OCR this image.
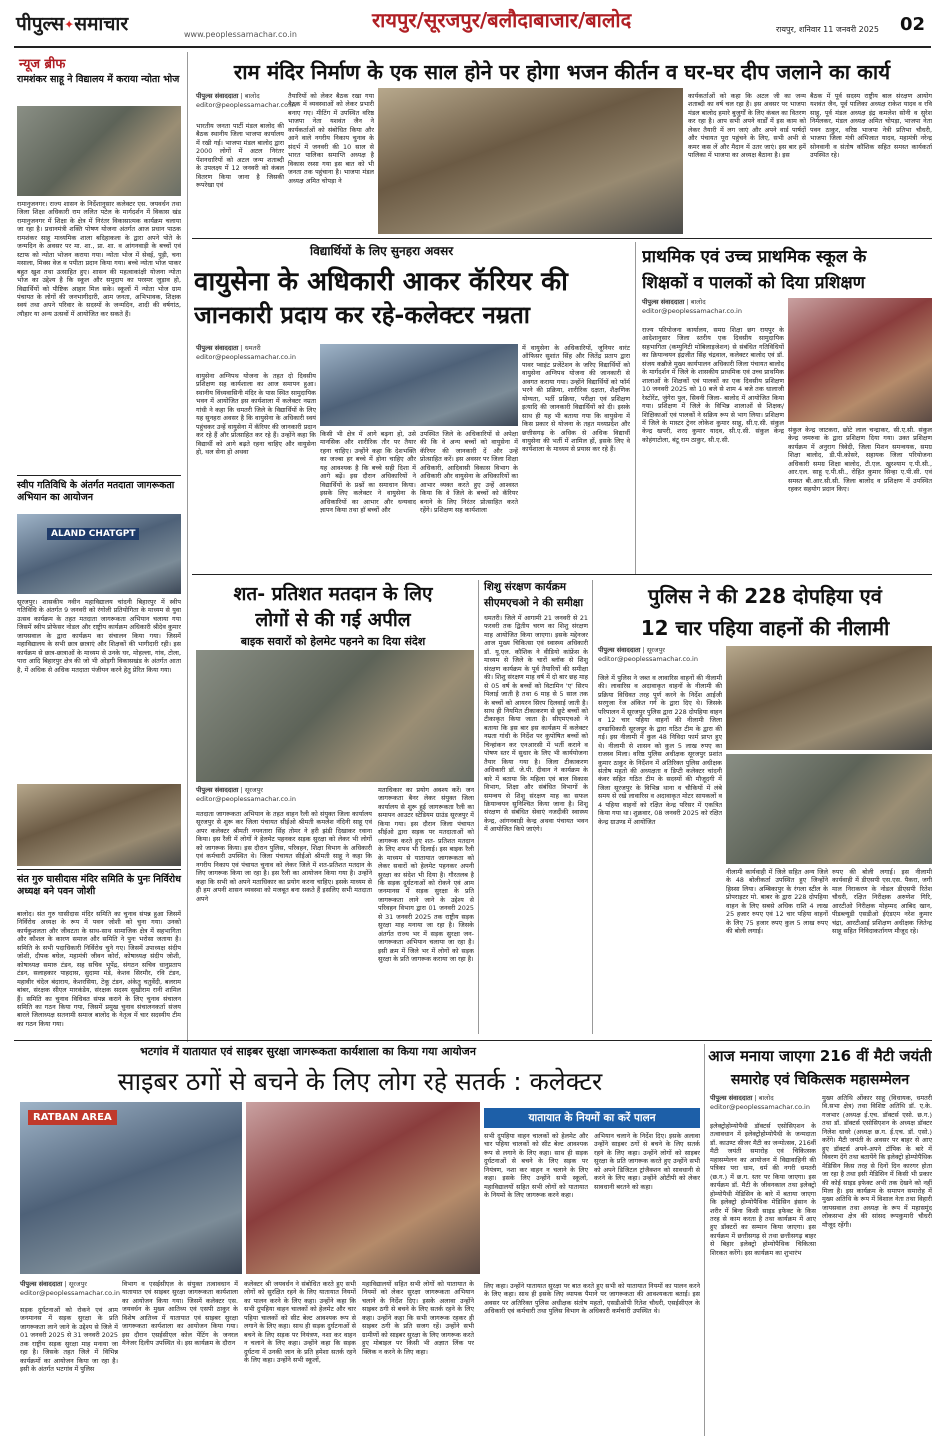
पीपुल्स✦समाचार	www.peoplessamachar.co.in
रायपुर/सूरजपुर/बलौदाबाजार/बालोद	रायपुर, शनिवार 11 जनवरी 2025 02
न्यूज ब्रीफ
रामशंकर साहू ने विद्यालय में कराया न्योता भोज
रामानुजनगर। राज्य शासन के निर्देशानुसार कलेक्टर एस. जयवर्धन तथा जिला शिक्षा अधिकारी राम ललित पटेल के मार्गदर्शन में विकास खंड रामानुजनगर में शिक्षा के क्षेत्र में निरंतर विकासात्मक कार्यक्रम चलाया जा रहा है। प्रधानमंत्री शक्ति पोषण योजना अंतर्गत आज प्रधान पाठक रामशंकर साहू माध्यमिक शाला बदिहाकला के द्वारा अपने पोते के जन्मदिन के अवसर पर मा. शा., प्रा. शा. व आंगनवाड़ी के बच्चों एवं स्टाफ को न्योता भोजन कराया गया। न्योता भोज में सेवई, पूड़ी, चना मसाला, मिक्स वेज व पपीता प्रदान किया गया। बच्चे न्योता भोज पाकर बहुत खुश तथा उत्साहित हुए। शासन की महत्वाकांक्षी योजना न्योता भोज का उद्देश्य है कि स्कूल और समुदाय का परस्पर जुड़ाव हो, विद्यार्थियों को पौष्टिक आहार मिल सके। स्कूलों में न्योता भोज ग्राम पंचायत के लोगों की जनभागीदारी, आम जनता, अभिभावक, शिक्षक स्वयं तथा अपने परिवार के सदस्यों के जन्मदिन, शादी की वर्षगांठ, त्यौहार या अन्य उत्सवों में आयोजित कर सकते हैं।
स्वीप गतिविधि के अंतर्गत मतदाता जागरूकता अभियान का आयोजन
ALAND CHATGPT
सूरजपुर। शासकीय नवीन महाविद्यालय चांदनी बिहारपुर में स्वीप गतिविधि के अंतर्गत 9 जनवरी को रंगोली प्रतियोगिता के माध्यम से युवा उत्सव कार्यक्रम के तहत मतदाता जागरूकता अभियान चलाया गया जिसमें स्वीप प्रोफेसर नोडल और राष्ट्रीय कार्यक्रम अधिकारी श्रीदेव कुमार जायसवाल के द्वारा कार्यक्रम का संचालन किया गया। जिसमें महाविद्यालय के सभी छात्र छात्राएं और शिक्षकों की भागीदारी रही। इस कार्यक्रम से छात्र-छात्राओं के माध्यम से उनके घर, मोहल्ला, गांव, टोला, पारा आदि बिहारपुर क्षेत्र की जो भी ओड़गी विकासखंड के अंतर्गत आता है, में अधिक से अधिक मतदाता पंजीयन करने हेतु प्रेरित किया गया।
संत गुरु घासीदास मंदिर समिति के पुनः निर्विरोध अध्यक्ष बने पवन जोशी
बालोद। संत गुरु घासीदास मंदिर समिति का चुनाव संपन्न हुआ जिसमें निर्विरोध अध्यक्ष के रूप में पवन जोशी को चुना गया। उनको कार्यकुशलता और जीवटता के साथ-साथ सामाजिक क्षेत्र में सहभागिता और कौशल के कारण समाज और समिति ने पुनः भरोसा जताया है। समिति के सभी पदाधिकारी निर्विरोध चुने गए। जिसमें उपाध्यक्ष संदीप जोशी, दीपक बघेल, महामंत्री जीवन कोर्रा, कोषाध्यक्ष संदीप जोशी, कोषाध्यक्ष समारु टंडन, सह सचिव भूपेंद्र, संगठन सचिव धानुप्रताप टंडन, सलाहकार पाहदास, सुदामा मंडे, केशव सिरमौर, रवि टंडन, महावीर चंदेल बंदाराय, केशरसिया, टेकू टंडन, अंकेतु चतुर्वेदी, बलराम बांबर, संरक्षक सीएल मारकंडेय, संरक्षक सदस्य सुखीराम रानी शामिल हैं। समिति का चुनाव विधिवत संपन्न कराने के लिए चुनाव संचालन समिति का गठन किया गया, जिसमें प्रमुख चुनाव संचालनकर्ता संजय बारले जिलाध्यक्ष सतनामी समाज बालोद के नेतृत्व में चार सदस्यीय टीम का गठन किया गया।
राम मंदिर निर्माण के एक साल होने पर होगा भजन कीर्तन व घर-घर दीप जलाने का कार्य
पीपुल्स संवाददाता | बालोद
editor@peoplessamachar.co.in
भारतीय जनता पार्टी मंडल बालोद की बैठक स्थानीय जिला भाजपा कार्यालय में रखी गई। भाजपा मंडल बालोद द्वारा 2000 लोगों में अटल निरंतर पेंशनधारियों को अटल जन्म शताब्दी के उपलक्ष्य में 12 जनवरी को कंबल वितरण किया जाना है जिसकी रूपरेखा एवं
तैयारियों को लेकर बैठक रखा गया बैठक में व्यवस्थाओं को लेकर प्रभारी बनाए गए। मीटिंग में उपस्थित वरिष्ठ भाजपा नेता यशवंत जैन ने कार्यकर्ताओं को संबोधित किया और आने वाले नगरीय निकाय चुनाव के संदर्भ में जनवरी की 10 साल से भारत पालिका समाप्ति अध्यक्ष है विकास रस्सा गया इस बात को भी जनता तक पहुंचाना है। भाजपा मंडल अध्यक्ष अमित चोपड़ा ने
कार्यकर्ताओं को कहा कि अटल जी का जन्म शताब्दी का वर्ष चल रहा है। इस अवसर पर भाजपा मंडल बालोद हमारे बुजुर्गों के लिए कंबल का वितरण कर रहा है। आप सभी अपने वार्डों में इस काम को लेकर तैयारी में लग जाएं और अपने वार्ड पार्षदों और पंचायत पूरा पहुंचने के लिए, सभी अभी से कमर कस लें और मैदान में उतर जाएं। इस बार हमें पालिका में भाजपा का अध्यक्ष बैठाना है। इस
बैठक में पूर्व सदस्य राष्ट्रीय बाल संरक्षण आयोग यशवंत जैन, पूर्व पालिका अध्यक्ष राकेश यादव व रवि साहू, पूर्व मंडल अध्यक्ष इंद्र कमलेश सोनी व सुरेश निर्मलकर, मंडल अध्यक्ष अमित चोपड़ा, भाजपा नेता पवन ठाकुर, वरिष्ठ भाजपा नेत्री प्रतिभा चौधरी, भाजपा जिला मंत्री अभिजात यादव, महामंत्री नरेन्द्र सोनवानी व संतोष कौशिक सहित समस्त कार्यकर्ता उपस्थित रहे।
विद्यार्थियों के लिए सुनहरा अवसर
वायुसेना के अधिकारी आकर कॅरियर की
जानकारी प्रदाय कर रहे-कलेक्टर नम्रता
पीपुल्स संवाददाता | धमतरी
editor@peoplessamachar.co.in
वायुसेना अग्निपथ योजना के तहत दो दिवसीय प्रशिक्षण सह कार्यशाला का आज समापन हुआ। स्थानीय विंध्यवासिनी मंदिर के पास स्थित सामुदायिक भवन में आयोजित इस कार्यशाला में कलेक्टर नम्रता गांधी ने कहा कि धमतरी जिले के विद्यार्थियों के लिए यह सुनहरा अवसर है कि वायुसेना के अधिकारी स्वयं पहुंचकर उन्हें वायुसेना में कॅरियर की जानकारी प्रदान कर रहे हैं और प्रोत्साहित कर रहे हैं। उन्होंने कहा कि विद्यार्थी को आगे बढ़ते रहना चाहिए और वायुसेना हो, थल सेना हो अथवा
किसी भी क्षेत्र में आगे बढ़ना हो, उसे मानसिक और शारीरिक तौर पर तैयार रहना चाहिए। उन्होंने कहा कि देशभक्ति का जज्बा हर बच्चे में होना चाहिए और यह आवश्यक है कि बच्चे सही दिशा में आगे बढ़ें। इस दौरान अधिकारियों ने विद्यार्थियों के प्रश्नों का समाधान किया। इसके लिए कलेक्टर ने वायुसेना के अधिकारियों का आभार और धन्यवाद ज्ञापन किया तथा हॉ बच्चों और
उपस्थित जिले के अधिकारियों से अपेक्षा की कि वे अन्य बच्चों को वायुसेना में कॅरियर की जानकारी दें और उन्हें प्रोत्साहित करें। इस अवसर पर जिला शिक्षा अधिकारी, आदिवासी विकास विभाग के अधिकारी और वायुसेना के अधिकारियों का आभार व्यक्त करते हुए उन्हें आश्वस्त किया कि वे जिले के बच्चों को कॅरियर बनाने के लिए निरंतर प्रोत्साहित करते रहेंगे। प्रशिक्षण सह कार्यशाला
में वायुसेना के अधिकारियों, जूनियर वारंट ऑफिसर सुशांत सिंह और जितेंद्र प्रताप द्वारा पावर प्वाइंट प्रजेंटेशन के जरिए विद्यार्थियों को वायुसेना अग्निपथ योजना की जानकारी से अवगत कराया गया। उन्होंने विद्यार्थियों को फॉर्म भरने की प्रक्रिया, शारीरिक दक्षता, शैक्षणिक योग्यता, भर्ती प्रक्रिया, परीक्षा एवं प्रशिक्षण इत्यादि की जानकारी विद्यार्थियों को दी। इसके साथ ही यह भी बताया गया कि वायुसेना में किस प्रकार से योजना के तहत मध्यप्रदेश और छत्तीसगढ़ के अधिक से अधिक विद्यार्थी वायुसेना की भर्ती में शामिल हों, इसके लिए वे कार्यशाला के माध्यम से प्रयास कर रहे हैं।
प्राथमिक एवं उच्च प्राथमिक स्कूल के
शिक्षकों व पालकों को दिया प्रशिक्षण
पीपुल्स संवाददाता | बालोद
editor@peoplessamachar.co.in
राज्य परियोजना कार्यालय, समग्र शिक्षा छग रायपुर के आदेशानुसार जिला स्तरीय एक दिवसीय सामुदायिक सहभागिता (कम्युनिटी मोबिलाइजेशन) से संबंधित गतिविधियों का क्रियान्वयन इंद्रजीत सिंह चंद्रवाल, कलेक्टर बालोद एवं डॉ. संजय कन्नौजे मुख्य कार्यपालन अधिकारी जिला पंचायत बालोद के मार्गदर्शन में जिले के शासकीय प्राथमिक एवं उच्च प्राथमिक शालाओं के शिक्षकों एवं पालकों का एक दिवसीय प्रशिक्षण 10 जनवरी 2025 को 10 बजे से शाम 4 बजे तक धालाजी रेस्टोरेंट, जुंगेरा पुल, सिवनी जिला- बालोद में आयोजित किया गया। प्रशिक्षण में जिले के विभिन्न शालाओं से शिक्षक/शिक्षिकाओं एवं पालकों ने सक्रिय रूप से भाग लिया। प्रशिक्षण में जिले के मास्टर ट्रेनर लोकेश कुमार साहू, सी.ए.सी. संकुल केन्द्र खपरी, शरद कुमार यादव, सी.ए.सी. संकुल केन्द्र कोहंगाटोला, बंटू राम ठाकुर, सी.ए.सी.
संकुल केन्द्र जाटकरा, छोटे लाल चन्द्राकर, सी.ए.सी. संकुल केन्द्र जमरुवा के द्वारा प्रशिक्षण दिया गया। उक्त प्रशिक्षण कार्यक्रम में अनुराग त्रिवेदी, जिला मिशन समन्वयक, समग्र शिक्षा बालोद, डी.पी.कोसरे, सहायक जिला परियोजना अधिकारी समग्र शिक्षा बालोद, टी.एल. खुरश्याम ए.पी.सी., आर.एल. साहू ए.पी.सी., रोहित कुमार सिन्हा ए.पी.सी. एवं समस्त बी.आर.सी.सी. जिला बालोद व प्रशिक्षण में उपस्थित रहकर सहयोग प्रदान किए।
शत- प्रतिशत मतदान के लिए
लोगों से की गई अपील
बाइक सवारों को हेलमेट पहनने का दिया संदेश
पीपुल्स संवाददाता | सूरजपुर
editor@peoplessamachar.co.in
मतदाता जागरूकता अभियान के तहत वाहन रैली को संयुक्त जिला कार्यालय सूरजपुर से शुरू कर जिला पंचायत सीईओ श्रीमती कमलेश नंदिनी साहू एवं अपर कलेक्टर श्रीमती नयनतारा सिंह तोमर ने हरी झंडी दिखाकर रवाना किया। इस रैली में लोगों ने हेलमेट पहनकर सड़क सुरक्षा को लेकर भी लोगों को जागरूक किया। इस दौरान पुलिस, परिवहन, शिक्षा विभाग के अधिकारी एवं कर्मचारी उपस्थित थे। जिला पंचायत सीईओ श्रीमती साहू ने कहा कि नगरीय निकाय एवं पंचायत चुनाव को लेकर जिले में शत-प्रतिशत मतदान के लिए जागरूक किया जा रहा है। इस रैली का आयोजन किया गया है। उन्होंने कहा कि सभी को अपने मताधिकार का प्रयोग करना चाहिए। इसके माध्यम से ही हम अपनी शासन व्यवस्था को मजबूत बना सकते हैं इसलिए सभी मतदाता अपने
मताधिकार का प्रयोग अवश्य करें। जन जागरूकता बैनर लेकर संयुक्त जिला कार्यालय से शुरू हुई जागरूकता रैली का समापन आउटर स्टेडियम ग्राउंड सूरजपुर में किया गया। इस दौरान जिला पंचायत सीईओ द्वारा सड़क पर मतदाताओं को जागरूक करते हुए शत- प्रतिशत मतदान के लिए शपथ भी दिलाई। इस बाइक रैली के माध्यम से यातायात जागरूकता को लेकर सवारों को हेलमेट पहनकर अपनी सुरक्षा का संदेश भी दिया है। गौरतलब है कि सड़क दुर्घटनाओं को रोकने एवं आम जनमानस में सड़क सुरक्षा के प्रति जागरूकता लाने जाने के उद्देश्य से परिवहन विभाग द्वारा 01 जनवरी 2025 से 31 जनवरी 2025 तक राष्ट्रीय सड़क सुरक्षा माह मनाया जा रहा है। जिसके अंतर्गत राज्य भर में सड़क सुरक्षा जन-जागरूकता अभियान चलाया जा रहा है। इसी क्रम में जिले भर में लोगों को सड़क सुरक्षा के प्रति जागरूक कराया जा रहा है।
शिशु संरक्षण कार्यक्रम
सीएमएचओ ने की समीक्षा
धमतरी। जिले में आगामी 21 जनवरी से 21 फरवरी तक द्वितीय चरण का शिशु संरक्षण माह आयोजित किया जाएगा। इसके मद्देनजर आज मुख्य चिकित्सा एवं स्वास्थ्य अधिकारी डॉ. यू.एल. कौशिक ने वीडियो कांफ्रेंस के माध्यम से जिले के चारों ब्लॉक से शिशु संरक्षण कार्यक्रम के पूर्व तैयारियों की समीक्षा की। शिशु संरक्षण माह वर्ष में दो बार छह माह से 05 वर्ष के बच्चों को विटामिन 'ए' सिरप पिलाई जाती है तथा 6 माह से 5 साल तक के बच्चों को आयरन सिरप दिलवाई जाती है। साथ ही नियमित टीकाकरण से छूटे बच्चों को टीकाकृत किया जाता है। सीएमएचओ ने बताया कि इस बार इस कार्यक्रम में कलेक्टर नम्रता गांधी के निर्देश पर कुपोषित बच्चों को चिन्हांकन कर एनआरसी में भर्ती कराने व पोषण स्तर में सुधार के लिए भी कार्ययोजना तैयार किया गया है। जिला टीकाकरण अधिकारी डॉ. जे.पी. दीवान ने कार्यक्रम के बारे में बताया कि महिला एवं बाल विकास विभाग, शिक्षा और संबंधित विभागों के समन्वय से शिशु संरक्षण माह का सफल क्रियान्वयन सुनिश्चित किया जाना है। शिशु संरक्षण से संबंधित सेवाएं नजदीकी स्वास्थ्य केन्द्र, आंगनबाड़ी केन्द्र अथवा पंचायत भवन में आयोजित किये जाएंगे।
पुलिस ने की 228 दोपहिया एवं
12 चार पहिया वाहनों की नीलामी
पीपुल्स संवाददाता | सूरजपुर
editor@peoplessamachar.co.in
जिले में पुलिस ने जब्त व लावारिस वाहनों की नीलामी की। लावारिस व अदावाकृत वाहनों के नीलामी की प्रक्रिया विधिवत तरह पूर्ण करने के निर्देश आईजी सरगुजा रेंज अंकित गर्ग के द्वारा दिए थे। जिसके परिपालन में सूरजपुर पुलिस द्वारा 228 दोपहिया वाहन व 12 चार पहिया वाहनों की नीलामी जिला दण्डाधिकारी सूरजपुर के द्वारा गठित टीम के द्वारा की गई। इस नीलामी में कुल 48 निविदा फार्म प्राप्त हुए थे। नीलामी से शासन को कुल 5 लाख रुपए का राजस्व मिला। वरिष्ठ पुलिस अधीक्षक सूरजपुर प्रशांत कुमार ठाकुर के निर्देशन में अतिरिक्त पुलिस अधीक्षक संतोष महतो की अध्यक्षता व डिप्टी कलेक्टर चांदनी कंवर सहित गठित टीम के सदस्यों की मौजूदगी में जिला सूरजपुर के विभिन्न थाना व चौकियों में लंबे समय से रखे लावारिस व अदावाकृत मोटर सायकलों व 4 पहिया वाहनों को रक्षित केन्द्र परिसर में एकत्रित किया गया था। शुक्रवार, 08 जनवरी 2025 को रक्षित केन्द्र ग्राउण्ड में आयोजित
नीलामी कार्यवाही में जिले सहित अन्य जिले के 48 बोलीकर्ता उपस्थित हुए जिन्होंने हिस्सा लिया। अम्बिकापुर के रंगला स्टील के प्रोपराइटर मो. बाबर के द्वारा 228 दोपहिया वाहन के लिए सबसे अधिक राशि 4 लाख 25 हजार रुपए एवं 12 चार पहिया वाहनों के लिए 75 हजार रुपए कुल 5 लाख रुपए की बोली लगाई।
रुपए की बोली लगाई। इस नीलामी कार्यवाही में डीएसपी एस.एस. पैकरा, जगी माल निराकरण के नोडल डीएसपी रितेश चौधरी, रक्षित निरीक्षक अरुणेश गिरि, आरटीओ निरीक्षक मोहम्मद आबिद खान, पीडब्ल्यूडी एसडीओ ईएंडएम नरेश कुमार चंद्रा, आरटीआई प्रशिक्षण अधीक्षक जितेन्द्र साहू सहित निविदाकर्तागण मौजूद रहे।
भटगांव में यातायात एवं साइबर सुरक्षा जागरूकता कार्यशाला का किया गया आयोजन
साइबर ठगों से बचने के लिए लोग रहे सतर्क : कलेक्टर
RATBAN AREA	यातायात के नियमों का करें पालन
सभी दुपहिया वाहन चालकों को हेलमेट और चार पहिया चालकों को सीट बेल्ट आवश्यक रूप से लगाने के लिए कहा। साथ ही सड़क दुर्घटनाओं से बचने के लिए सड़क पर नियंत्रण, नशा कर वाहन न चलाने के लिए कहा। इसके लिए उन्होंने सभी स्कूलों, महाविद्यालयों सहित सभी लोगों को यातायात के नियमों के लिए जागरूक करने कहा।
अभियान चलाने के निर्देश दिए। इसके अलावा उन्होंने साइबर ठगों से बचने के लिए सतर्क रहने के लिए कहा। उन्होंने लोगों को साइबर सुरक्षा के प्रति जागरूक करते हुए उन्होंने सभी को अपने डिजिटल ट्रांजैक्शन को सावधानी से करने के लिए कहा। उन्होंने ओटीपी को लेकर सावधानी बरतने को कहा।
पीपुल्स संवाददाता | सूरजपुर
editor@peoplessamachar.co.in
सड़क दुर्घटनाओं को रोकने एवं आम जनमानस में सड़क सुरक्षा के प्रति जागरूकता लाने जाने के उद्देश्य से जिले में 01 जनवरी 2025 से 31 जनवरी 2025 तक राष्ट्रीय सड़क सुरक्षा माह मनाया जा रहा है। जिसके तहत जिले में विभिन्न कार्यक्रमों का आयोजन किया जा रहा है। इसी के अंतर्गत भटगांव में पुलिस
विभाग व एसईसीएल के संयुक्त तत्वावधान में यातायात एवं साइबर सुरक्षा जागरूकता कार्यशाला का आयोजन किया गया। जिसमें कलेक्टर एस. जयवर्धन के मुख्य आतिथ्य एवं एसपी ठाकुर के विशेष आतिथ्य में यातायात एवं साइबर सुरक्षा जागरूकता कार्यशाला का आयोजन किया गया। इस दौरान एसईसीएल कोल पेंटिंग के जनरल मैनेजर दिलीप उपस्थित थे। इस कार्यक्रम के दौरान
कलेक्टर श्री जयवर्धन ने संबोधित करते हुए सभी लोगों को सुरक्षित रहने के लिए यातायात नियमों का पालन करने के लिए कहा। उन्होंने कहा कि सभी दुपहिया वाहन चालकों को हेलमेट और चार पहिया चालकों को सीट बेल्ट आवश्यक रूप से लगाने के लिए कहा। साथ ही सड़क दुर्घटनाओं से बचने के लिए सड़क पर नियंत्रण, नशा कर वाहन न चलाने के लिए कहा। उन्होंने कहा कि सड़क दुर्घटना में उनकी जान के प्रति हमेशा सतर्क रहने के लिए कहा। उन्होंने सभी स्कूलों,
महाविद्यालयों सहित सभी लोगों को यातायात के नियमों को लेकर सुरक्षा जागरूकता अभियान चलाने के निर्देश दिए। इसके अलावा उन्होंने साइबर ठगी से बचने के लिए सतर्क रहने के लिए कहा। उन्होंने कहा कि सभी जागरूक रहकर ही साइबर ठगी के प्रति सजग रहें। उन्होंने सभी ग्रामीणों को साइबर सुरक्षा के लिए जागरूक करते हुए मोबाइल पर किसी भी अज्ञात लिंक पर क्लिक न करने के लिए कहा।
लिए कहा। उन्होंने यातायात सुरक्षा पर बात करते हुए सभी को यातायात नियमों का पालन करने के लिए कहा। साथ ही इसके लिए व्यापक पैमाने पर जागरूकता की आवश्यकता बताई। इस अवसर पर अतिरिक्त पुलिस अधीक्षक संतोष महतो, एसडीओपी रितेश चौधरी, एसईसीएल के अधिकारी एवं कर्मचारी तथा पुलिस विभाग के अधिकारी कर्मचारी उपस्थित थे।
आज मनाया जाएगा 216 वीं मैटी जयंती
समारोह एवं चिकित्सक महासम्मेलन
पीपुल्स संवाददाता | बालोद
editor@peoplessamachar.co.in
इलेक्ट्रोहोम्योपैथी डॉक्टर्स एसोसिएशन के तत्वावधान में इलेक्ट्रोहोम्योपैथी के जन्मदाता डॉ. काउण्ट सीजर मैटी का जन्मोत्सव, 216वीं मैटी जयंती समारोह एवं चिकित्सक महासम्मेलन का आयोजन में विद्यावाहिनी की पत्रिका परा धाम, धर्म की नगरी धमतरी (छ.ग.) में छ.ग. स्तर पर किया जाएगा। इस कार्यक्रम डॉ. मैटी के जीवनकाल तथा इलेक्ट्रो होम्योपैथी मेडिसिन के बारे में बताया जाएगा कि इलेक्ट्रो होम्योपैथिक मेडिसिन इंसान के शरीर में बिना किसी साइड इफेक्ट के किस तरह से काम करता है तथा कार्यक्रम में आए हुए डॉक्टरों का सम्मान किया जाएगा। इस कार्यक्रम में छत्तीसगढ़ से तथा छत्तीसगढ़ बाहर से बिहार इलेक्ट्रो होम्योपैथिक चिकित्सा शिरकत करेंगे। इस कार्यक्रम का शुभारंभ
मुख्य अतिथि ओंकार साहू (विधायक, धमतरी वि.सभा क्षेत्र) तथा विशिष्ट अतिथि डॉ. ए.के. गजभार (अध्यक्ष ई.एच. डॉक्टर्स एसो. छ.ग.) तथा डॉ. डॉक्टर्स एसोसिएशन के अध्यक्ष डॉक्टर निलेश धावरे (अध्यक्ष छ.ग. ई.एच. डॉ. एसो.) करेंगे। मैटी जयंती के अवसर पर बाहर से आए हुए डॉक्टर्स अपने-अपने टॉपिक के बारे में विवरण देंगे तथा बतायेंगे कि इलेक्ट्रो होम्योपैथिक मेडिसिन किस तरह से दिनों दिन कारगर होता जा रहा है तथा इसी मेडिसिन में किसी भी प्रकार की कोई साइड इफेक्ट अभी तक देखने को नहीं मिला है। इस कार्यक्रम के समापन समारोह में मुख्य अतिथि के रूप में विशाल नेता तथा विहारी जायसवाल तथा अध्यक्ष के रूप में महासमुंद लोकसभा क्षेत्र की सांसद रूपकुमारी चौधरी मौजूद रहेंगी।
